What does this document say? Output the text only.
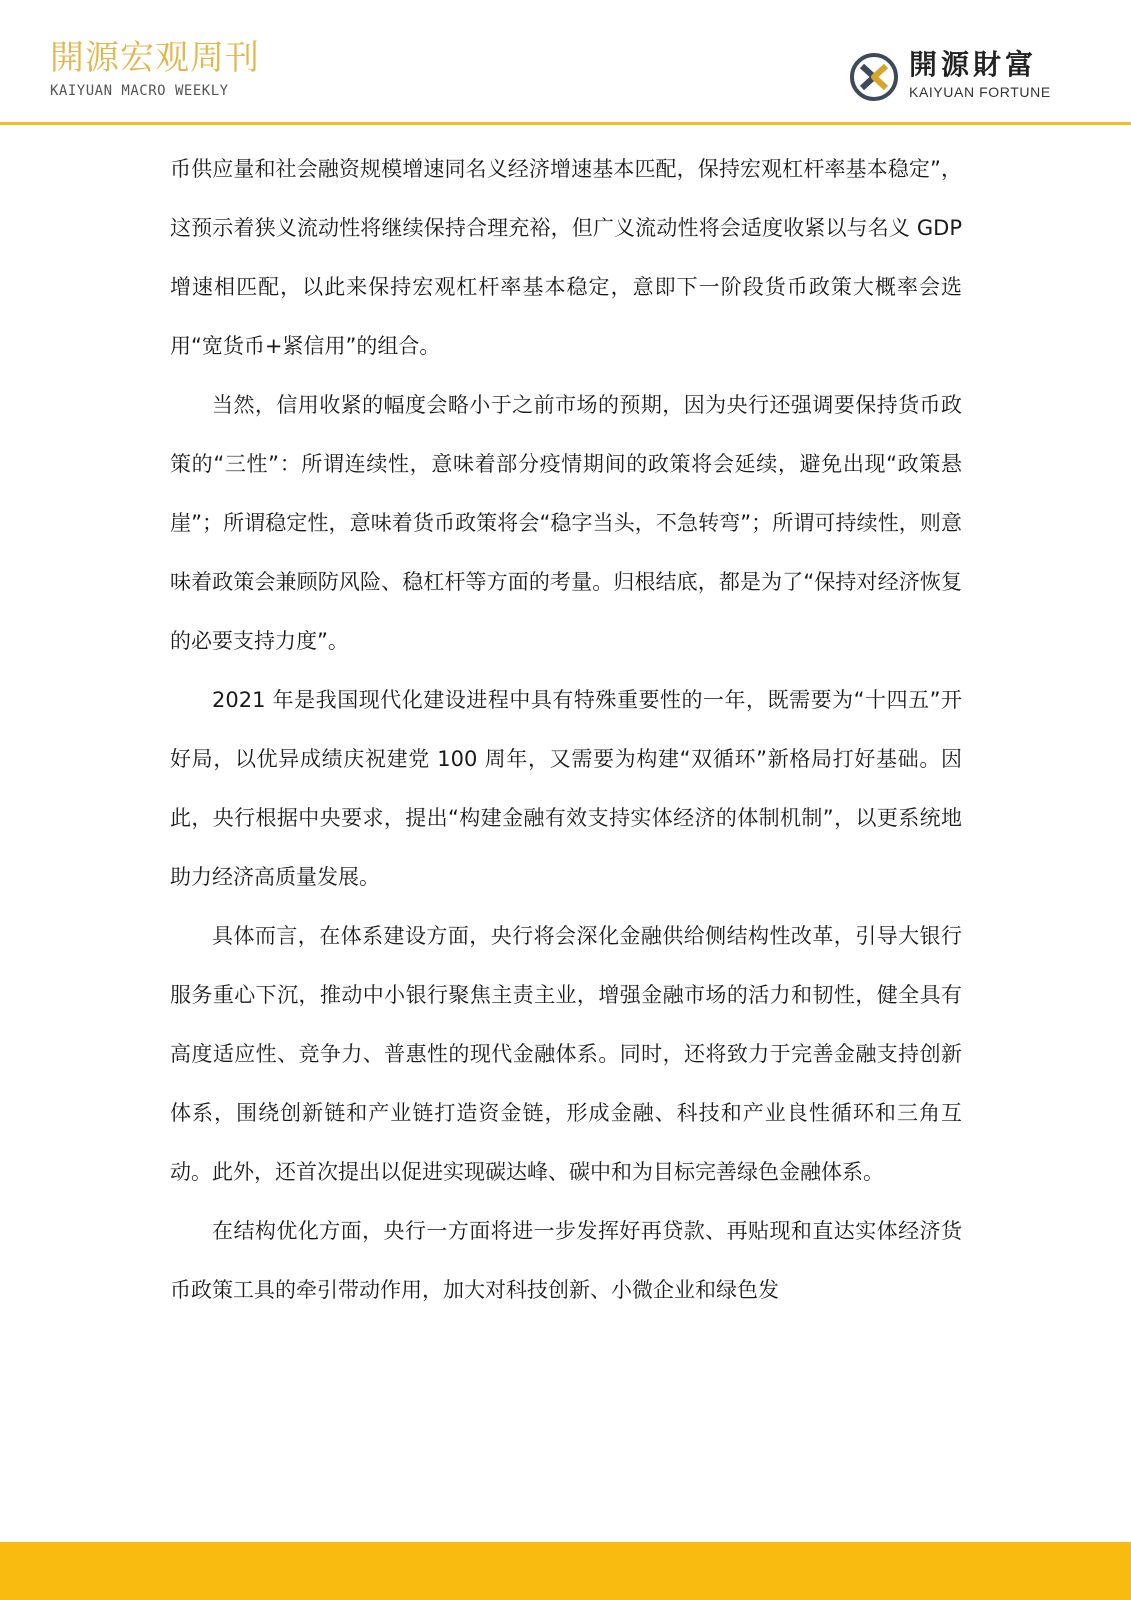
開源宏观周刊
KAIYUAN MACRO WEEKLY
開源財富
KAIYUAN FORTUNE

币供应量和社会融资规模增速同名义经济增速基本匹配，保持宏观杠杆率基本稳定”，这预示着狭义流动性将继续保持合理充裕，但广义流动性将会适度收紧以与名义 GDP 增速相匹配，以此来保持宏观杠杆率基本稳定，意即下一阶段货币政策大概率会选用“宽货币+紧信用”的组合。

当然，信用收紧的幅度会略小于之前市场的预期，因为央行还强调要保持货币政策的“三性”：所谓连续性，意味着部分疫情期间的政策将会延续，避免出现“政策悬崖”；所谓稳定性，意味着货币政策将会“稳字当头，不急转弯”；所谓可持续性，则意味着政策会兼顾防风险、稳杠杆等方面的考量。归根结底，都是为了“保持对经济恢复的必要支持力度”。

2021 年是我国现代化建设进程中具有特殊重要性的一年，既需要为“十四五”开好局，以优异成绩庆祝建党 100 周年，又需要为构建“双循环”新格局打好基础。因此，央行根据中央要求，提出“构建金融有效支持实体经济的体制机制”，以更系统地助力经济高质量发展。

具体而言，在体系建设方面，央行将会深化金融供给侧结构性改革，引导大银行服务重心下沉，推动中小银行聚焦主责主业，增强金融市场的活力和韧性，健全具有高度适应性、竞争力、普惠性的现代金融体系。同时，还将致力于完善金融支持创新体系，围绕创新链和产业链打造资金链，形成金融、科技和产业良性循环和三角互动。此外，还首次提出以促进实现碳达峰、碳中和为目标完善绿色金融体系。

在结构优化方面，央行一方面将进一步发挥好再贷款、再贴现和直达实体经济货币政策工具的牵引带动作用，加大对科技创新、小微企业和绿色发
